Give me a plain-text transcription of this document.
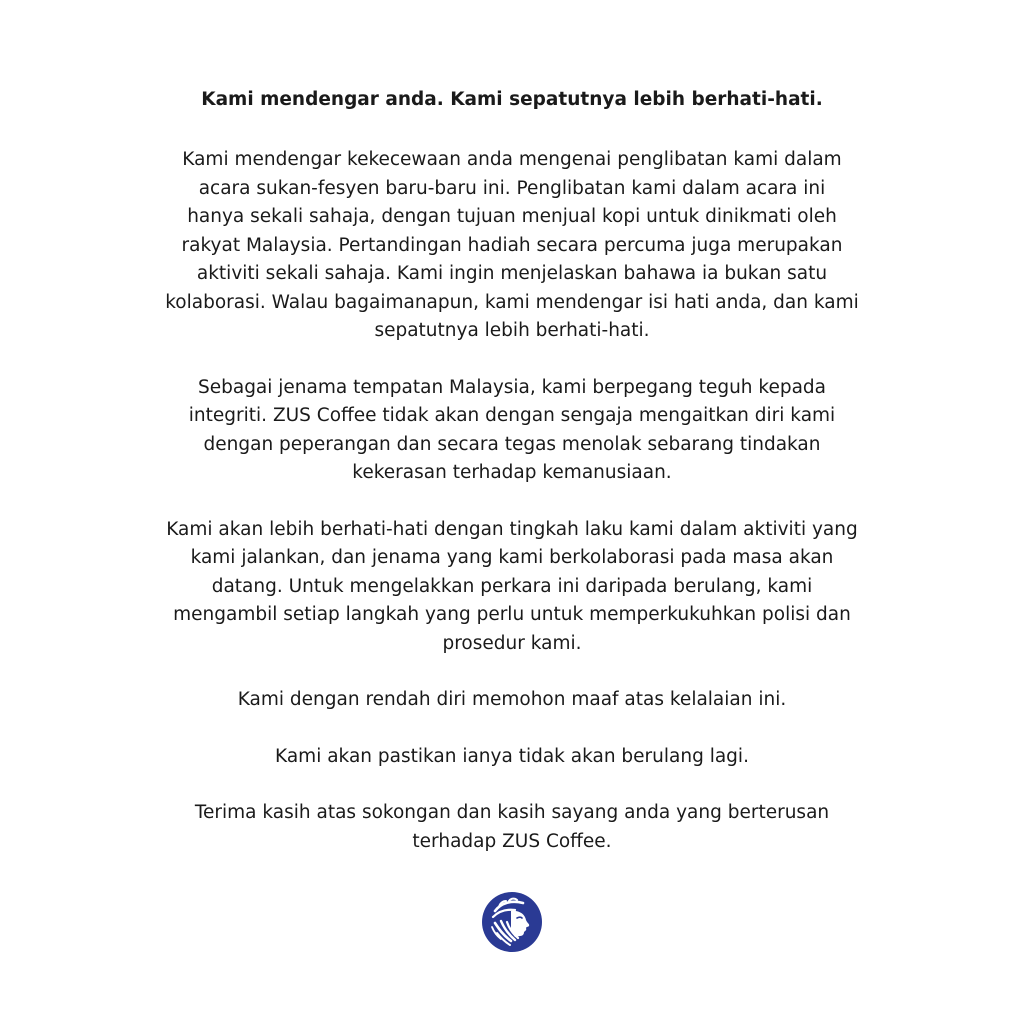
Kami mendengar anda. Kami sepatutnya lebih berhati-hati.
Kami mendengar kekecewaan anda mengenai penglibatan kami dalam
acara sukan-fesyen baru-baru ini. Penglibatan kami dalam acara ini
hanya sekali sahaja, dengan tujuan menjual kopi untuk dinikmati oleh
rakyat Malaysia. Pertandingan hadiah secara percuma juga merupakan
aktiviti sekali sahaja. Kami ingin menjelaskan bahawa ia bukan satu
kolaborasi. Walau bagaimanapun, kami mendengar isi hati anda, dan kami
sepatutnya lebih berhati-hati.
Sebagai jenama tempatan Malaysia, kami berpegang teguh kepada
integriti. ZUS Coffee tidak akan dengan sengaja mengaitkan diri kami
dengan peperangan dan secara tegas menolak sebarang tindakan
kekerasan terhadap kemanusiaan.
Kami akan lebih berhati-hati dengan tingkah laku kami dalam aktiviti yang
kami jalankan, dan jenama yang kami berkolaborasi pada masa akan
datang. Untuk mengelakkan perkara ini daripada berulang, kami
mengambil setiap langkah yang perlu untuk memperkukuhkan polisi dan
prosedur kami.
Kami dengan rendah diri memohon maaf atas kelalaian ini.
Kami akan pastikan ianya tidak akan berulang lagi.
Terima kasih atas sokongan dan kasih sayang anda yang berterusan
terhadap ZUS Coffee.
